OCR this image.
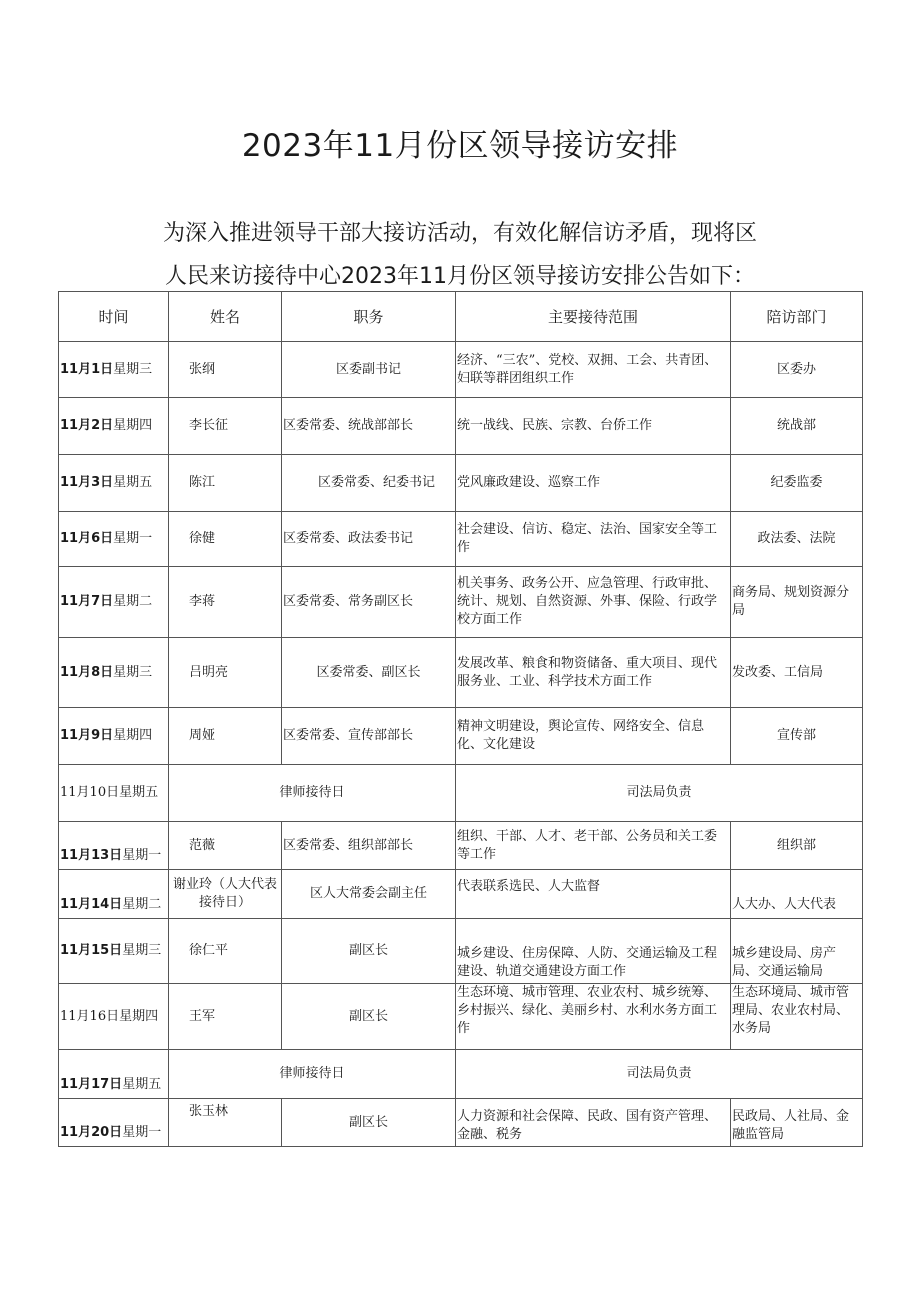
2023年11月份区领导接访安排
为深入推进领导干部大接访活动，有效化解信访矛盾，现将区
人民来访接待中心2023年11月份区领导接访安排公告如下：
时间	姓名	职务	主要接待范围	陪访部门
11月1日星期三	张纲	区委副书记	经济、“三农”、党校、双拥、工会、共青团、妇联等群团组织工作	区委办
11月2日星期四	李长征	区委常委、统战部部长	统一战线、民族、宗教、台侨工作	统战部
11月3日星期五	陈江	区委常委、纪委书记	党风廉政建设、巡察工作	纪委监委
11月6日星期一	徐健	区委常委、政法委书记	社会建设、信访、稳定、法治、国家安全等工作	政法委、法院
11月7日星期二	李蒋	区委常委、常务副区长	机关事务、政务公开、应急管理、行政审批、统计、规划、自然资源、外事、保险、行政学校方面工作	商务局、规划资源分局
11月8日星期三	吕明亮	区委常委、副区长	发展改革、粮食和物资储备、重大项目、现代服务业、工业、科学技术方面工作	发改委、工信局
11月9日星期四	周娅	区委常委、宣传部部长	精神文明建设，舆论宣传、网络安全、信息化、文化建设	宣传部
11月10日星期五	律师接待日		司法局负责	
11月13日星期一	范薇	区委常委、组织部部长	组织、干部、人才、老干部、公务员和关工委等工作	组织部
11月14日星期二	谢业玲（人大代表接待日）	区人大常委会副主任	代表联系选民、人大监督	人大办、人大代表
11月15日星期三	徐仁平	副区长	城乡建设、住房保障、人防、交通运输及工程建设、轨道交通建设方面工作	城乡建设局、房产局、交通运输局
11月16日星期四	王军	副区长	生态环境、城市管理、农业农村、城乡统筹、乡村振兴、绿化、美丽乡村、水利水务方面工作	生态环境局、城市管理局、农业农村局、水务局
11月17日星期五	律师接待日		司法局负责	
11月20日星期一	张玉林	副区长	人力资源和社会保障、民政、国有资产管理、金融、税务	民政局、人社局、金融监管局
